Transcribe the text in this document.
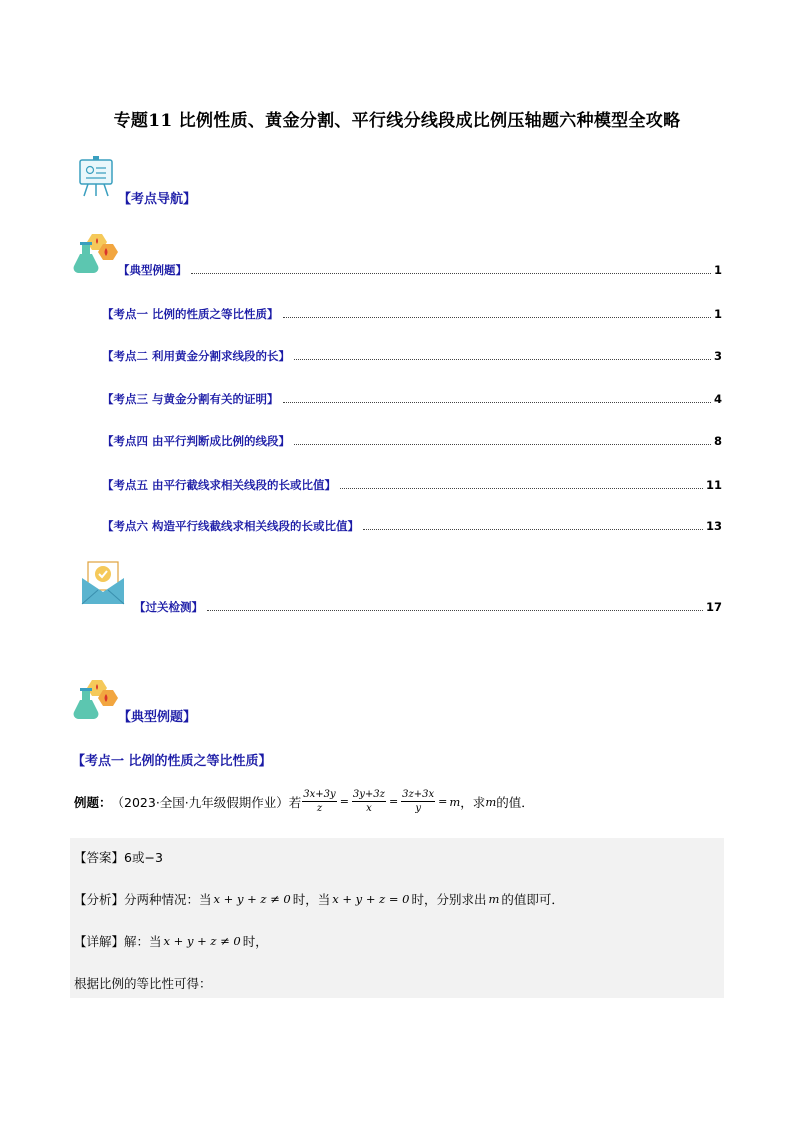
专题11 比例性质、黄金分割、平行线分线段成比例压轴题六种模型全攻略
【考点导航】
【典型例题】	1
【考点一 比例的性质之等比性质】	1
【考点二 利用黄金分割求线段的长】	3
【考点三 与黄金分割有关的证明】	4
【考点四 由平行判断成比例的线段】	8
【考点五 由平行截线求相关线段的长或比值】	11
【考点六 构造平行线截线求相关线段的长或比值】	13
【过关检测】	17
【典型例题】
【考点一 比例的性质之等比性质】
例题： （2023·全国·九年级假期作业）若 $\frac{3x+3y}{z} = \frac{3y+3z}{x} = \frac{3z+3x}{y} = m$ ，求 m 的值．
【答案】 6或−3
【分析】 分两种情况：当 x + y + z ≠ 0 时，当 x + y + z = 0 时，分别求出 m 的值即可．
【详解】 解：当 x + y + z ≠ 0 时，
根据比例的等比性可得：
